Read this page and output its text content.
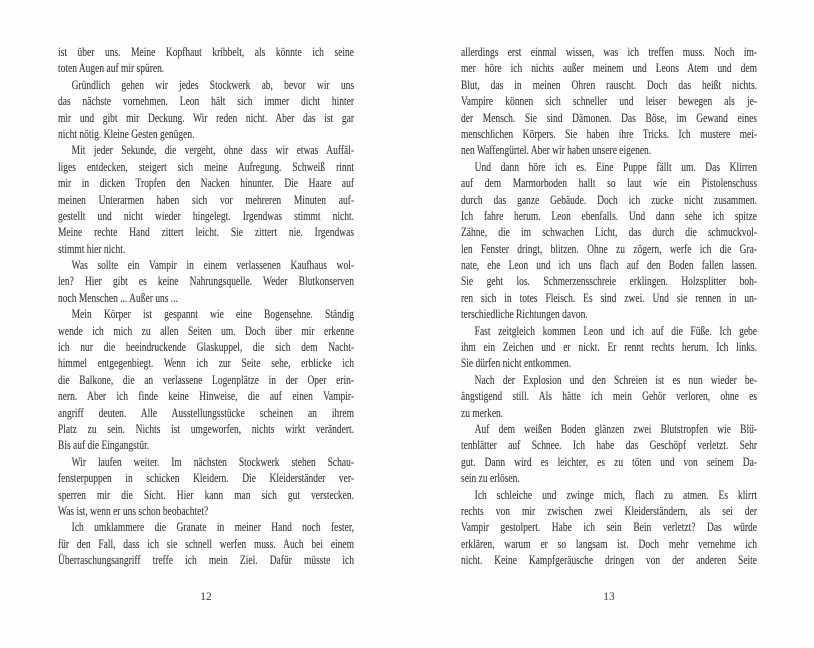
ist über uns. Meine Kopfhaut kribbelt, als könnte ich seine
toten Augen auf mir spüren.
Gründlich gehen wir jedes Stockwerk ab, bevor wir uns
das nächste vornehmen. Leon hält sich immer dicht hinter
mir und gibt mir Deckung. Wir reden nicht. Aber das ist gar
nicht nötig. Kleine Gesten genügen.
Mit jeder Sekunde, die vergeht, ohne dass wir etwas Auffäl-
liges entdecken, steigert sich meine Aufregung. Schweiß rinnt
mir in dicken Tropfen den Nacken hinunter. Die Haare auf
meinen Unterarmen haben sich vor mehreren Minuten auf-
gestellt und nicht wieder hingelegt. Irgendwas stimmt nicht.
Meine rechte Hand zittert leicht. Sie zittert nie. Irgendwas
stimmt hier nicht.
Was sollte ein Vampir in einem verlassenen Kaufhaus wol-
len? Hier gibt es keine Nahrungsquelle. Weder Blutkonserven
noch Menschen ... Außer uns ...
Mein Körper ist gespannt wie eine Bogensehne. Ständig
wende ich mich zu allen Seiten um. Doch über mir erkenne
ich nur die beeindruckende Glaskuppel, die sich dem Nacht-
himmel entgegenbiegt. Wenn ich zur Seite sehe, erblicke ich
die Balkone, die an verlassene Logenplätze in der Oper erin-
nern. Aber ich finde keine Hinweise, die auf einen Vampir-
angriff deuten. Alle Ausstellungsstücke scheinen an ihrem
Platz zu sein. Nichts ist umgeworfen, nichts wirkt verändert.
Bis auf die Eingangstür.
Wir laufen weiter. Im nächsten Stockwerk stehen Schau-
fensterpuppen in schicken Kleidern. Die Kleiderständer ver-
sperren mir die Sicht. Hier kann man sich gut verstecken.
Was ist, wenn er uns schon beobachtet?
Ich umklammere die Granate in meiner Hand noch fester,
für den Fall, dass ich sie schnell werfen muss. Auch bei einem
Überraschungsangriff treffe ich mein Ziel. Dafür müsste ich
12
allerdings erst einmal wissen, was ich treffen muss. Noch im-
mer höre ich nichts außer meinem und Leons Atem und dem
Blut, das in meinen Ohren rauscht. Doch das heißt nichts.
Vampire können sich schneller und leiser bewegen als je-
der Mensch. Sie sind Dämonen. Das Böse, im Gewand eines
menschlichen Körpers. Sie haben ihre Tricks. Ich mustere mei-
nen Waffengürtel. Aber wir haben unsere eigenen.
Und dann höre ich es. Eine Puppe fällt um. Das Klirren
auf dem Marmorboden hallt so laut wie ein Pistolenschuss
durch das ganze Gebäude. Doch ich zucke nicht zusammen.
Ich fahre herum. Leon ebenfalls. Und dann sehe ich spitze
Zähne, die im schwachen Licht, das durch die schmuckvol-
len Fenster dringt, blitzen. Ohne zu zögern, werfe ich die Gra-
nate, ehe Leon und ich uns flach auf den Boden fallen lassen.
Sie geht los. Schmerzensschreie erklingen. Holzsplitter boh-
ren sich in totes Fleisch. Es sind zwei. Und sie rennen in un-
terschiedliche Richtungen davon.
Fast zeitgleich kommen Leon und ich auf die Füße. Ich gebe
ihm ein Zeichen und er nickt. Er rennt rechts herum. Ich links.
Sie dürfen nicht entkommen.
Nach der Explosion und den Schreien ist es nun wieder be-
ängstigend still. Als hätte ich mein Gehör verloren, ohne es
zu merken.
Auf dem weißen Boden glänzen zwei Blutstropfen wie Blü-
tenblätter auf Schnee. Ich habe das Geschöpf verletzt. Sehr
gut. Dann wird es leichter, es zu töten und von seinem Da-
sein zu erlösen.
Ich schleiche und zwinge mich, flach zu atmen. Es klirrt
rechts von mir zwischen zwei Kleiderständern, als sei der
Vampir gestolpert. Habe ich sein Bein verletzt? Das würde
erklären, warum er so langsam ist. Doch mehr vernehme ich
nicht. Keine Kampfgeräusche dringen von der anderen Seite
13
